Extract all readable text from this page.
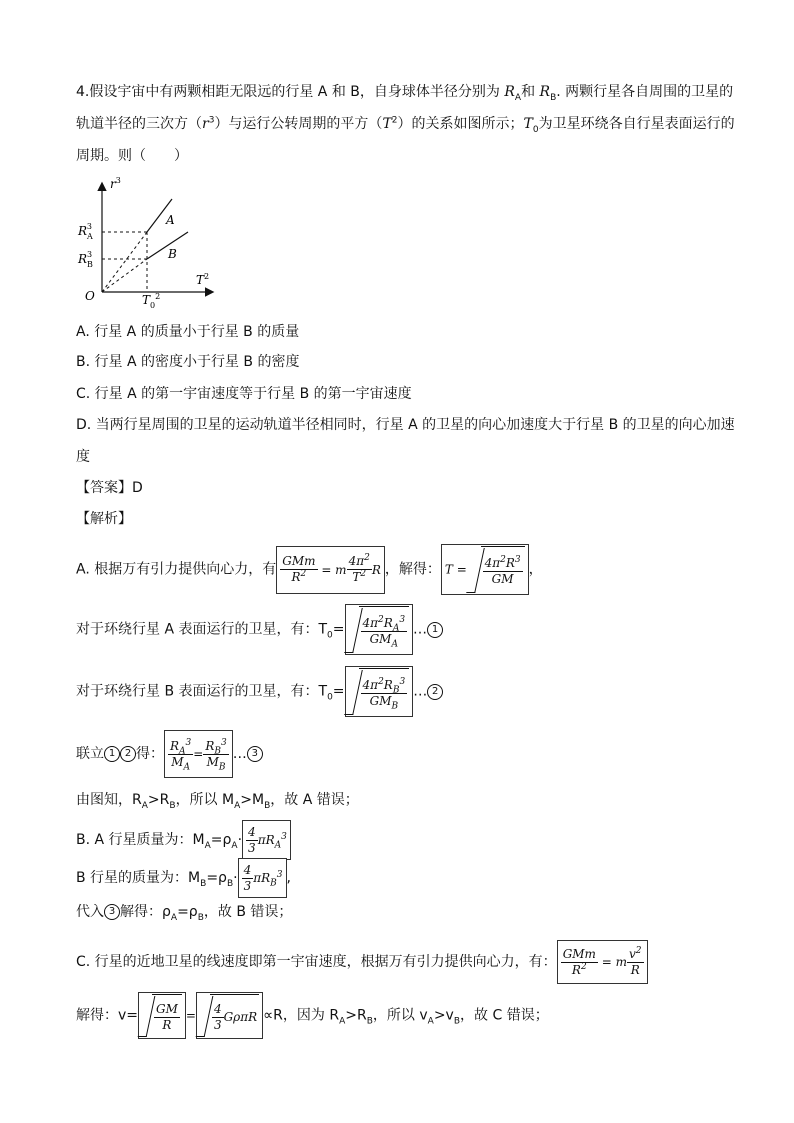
4.假设宇宙中有两颗相距无限远的行星 A 和 B，自身球体半径分别为 $R_A$和 $R_B$. 两颗行星各自周围的卫星的
轨道半径的三次方$(r^3)$与运行公转周期的平方$(T^2)$的关系如图所示；$T_0$为卫星环绕各自行星表面运行的
周期。则（　　）
$r^3$
$T^2$
O
$R_A3$
$R_B3$
$T_0^2$
A
B
A. 行星 A 的质量小于行星 B 的质量
B. 行星 A 的密度小于行星 B 的密度
C. 行星 A 的第一宇宙速度等于行星 B 的第一宇宙速度
D. 当两行星周围的卫星的运动轨道半径相同时，行星 A 的卫星的向心加速度大于行星 B 的卫星的向心加速
度
【答案】D
【解析】
A. 根据万有引力提供向心力，有 $\frac{\text{GMm}}{R^2} = m \frac{4\pi^2}{T^2}$ R ，解得： $T = \frac{4\pi^2R^3}{GM}$ ，
对于环绕行星 A 表面运行的卫星，有：$T_0= \frac{4\pi^2R_A^3}{GM_A}$ … 1
对于环绕行星 B 表面运行的卫星，有：$T_0= \frac{4\pi^2R_B^3}{GM_B}$ … 2
联立 1 2 得： $\frac{R_A^3}{M_A} = \frac{R_B^3}{M_B}$ … 3
由图知，$R_A>R_B$，所以 $M_A>M_B$，故 A 错误；
B. A 行星质量为：$M_A=\rho_A\cdot \frac{4}{3} \pi R_A^3$
B 行星的质量为：$M_B=\rho_B\cdot \frac{4}{3} \pi R_B^3$ ,
代入 3 解得：$\rho_A=\rho_B$，故 B 错误；
C. 行星的近地卫星的线速度即第一宇宙速度，根据万有引力提供向心力，有： $\frac{\text{GMm}}{R^2} = m \frac{v^2}{R}$
解得：$v= \frac{GM}{R} = \frac{4}{3}$ GρπR ∝R，因为 $R_A>R_B$，所以 $v_A>v_B$，故 C 错误；
